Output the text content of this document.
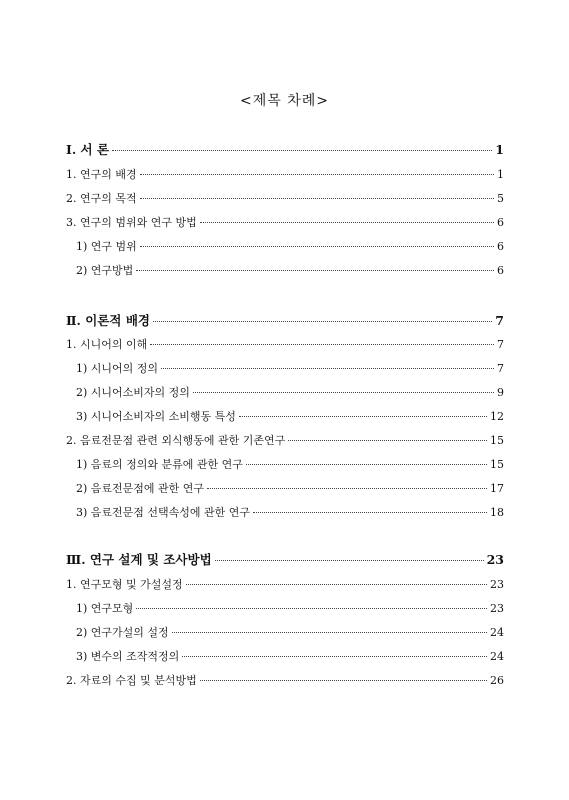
<제목 차례>
Ⅰ. 서 론	1
1. 연구의 배경	1
2. 연구의 목적	5
3. 연구의 범위와 연구 방법	6
1) 연구 범위	6
2) 연구방법	6
Ⅱ. 이론적 배경	7
1. 시니어의 이해	7
1) 시니어의 정의	7
2) 시니어소비자의 정의	9
3) 시니어소비자의 소비행동 특성	12
2. 음료전문점 관련 외식행동에 관한 기존연구	15
1) 음료의 정의와 분류에 관한 연구	15
2) 음료전문점에 관한 연구	17
3) 음료전문점 선택속성에 관한 연구	18
Ⅲ. 연구 설계 및 조사방법	23
1. 연구모형 및 가설설정	23
1) 연구모형	23
2) 연구가설의 설정	24
3) 변수의 조작적정의	24
2. 자료의 수집 및 분석방법	26
